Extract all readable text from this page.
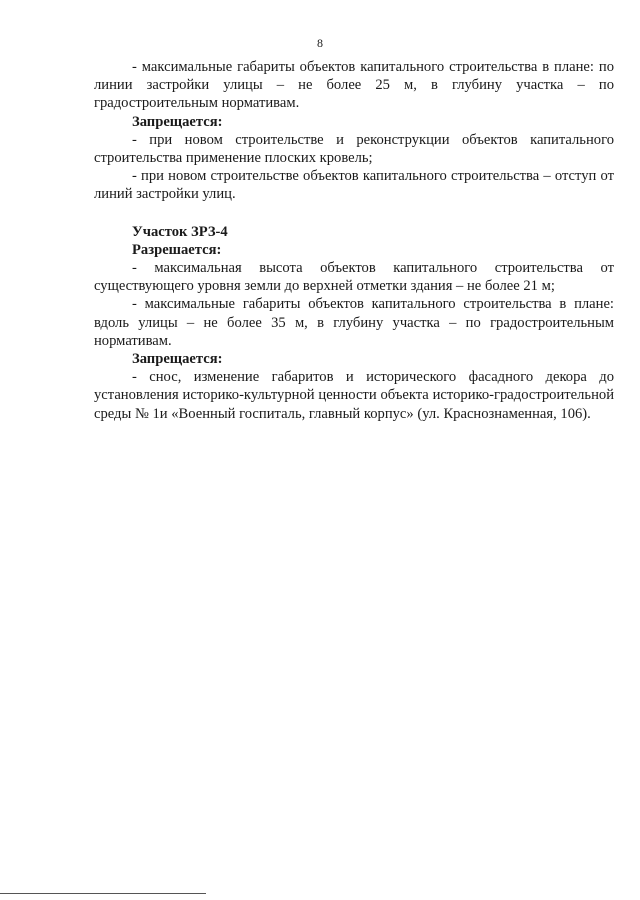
8

- максимальные габариты объектов капитального строительства в плане: по линии застройки улицы – не более 25 м, в глубину участка – по градостроительным нормативам.

Запрещается:

- при новом строительстве и реконструкции объектов капитального строительства применение плоских кровель;

- при новом строительстве объектов капитального строительства – отступ от линий застройки улиц.

Участок ЗРЗ-4

Разрешается:

- максимальная высота объектов капитального строительства от существующего уровня земли до верхней отметки здания – не более 21 м;

- максимальные габариты объектов капитального строительства в плане: вдоль улицы – не более 35 м, в глубину участка – по градостроительным нормативам.

Запрещается:

- снос, изменение габаритов и исторического фасадного декора до установления историко-культурной ценности объекта историко-градостроительной среды № 1и «Военный госпиталь, главный корпус» (ул. Краснознаменная, 106).
